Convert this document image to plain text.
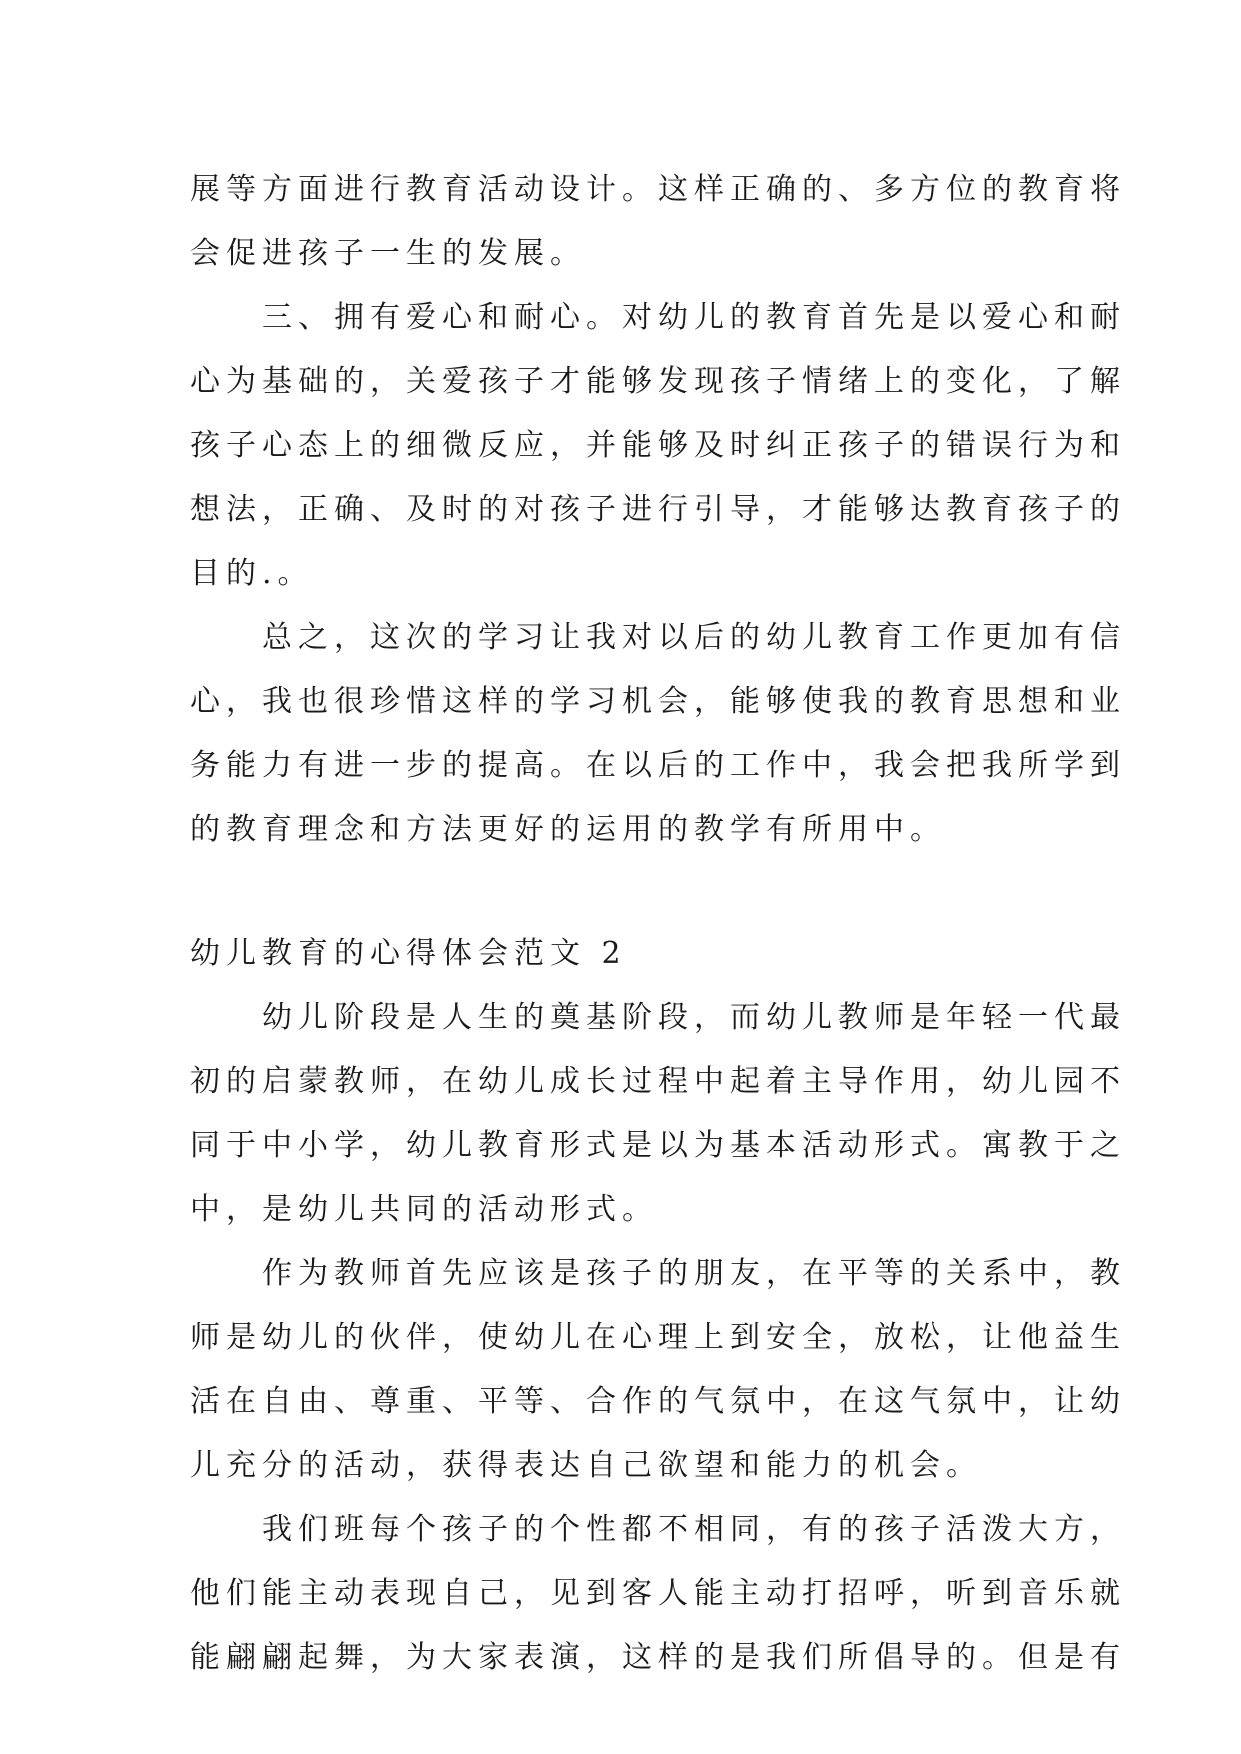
展等方面进行教育活动设计。这样正确的、多方位的教育将
会促进孩子一生的发展。
三、拥有爱心和耐心。对幼儿的教育首先是以爱心和耐
心为基础的，关爱孩子才能够发现孩子情绪上的变化，了解
孩子心态上的细微反应，并能够及时纠正孩子的错误行为和
想法，正确、及时的对孩子进行引导，才能够达教育孩子的
目的.。
总之，这次的学习让我对以后的幼儿教育工作更加有信
心，我也很珍惜这样的学习机会，能够使我的教育思想和业
务能力有进一步的提高。在以后的工作中，我会把我所学到
的教育理念和方法更好的运用的教学有所用中。
幼儿教育的心得体会范文 2
幼儿阶段是人生的奠基阶段，而幼儿教师是年轻一代最
初的启蒙教师，在幼儿成长过程中起着主导作用，幼儿园不
同于中小学，幼儿教育形式是以为基本活动形式。寓教于之
中，是幼儿共同的活动形式。
作为教师首先应该是孩子的朋友，在平等的关系中，教
师是幼儿的伙伴，使幼儿在心理上到安全，放松，让他益生
活在自由、尊重、平等、合作的气氛中，在这气氛中，让幼
儿充分的活动，获得表达自己欲望和能力的机会。
我们班每个孩子的个性都不相同，有的孩子活泼大方，
他们能主动表现自己，见到客人能主动打招呼，听到音乐就
能翩翩起舞，为大家表演，这样的是我们所倡导的。但是有
